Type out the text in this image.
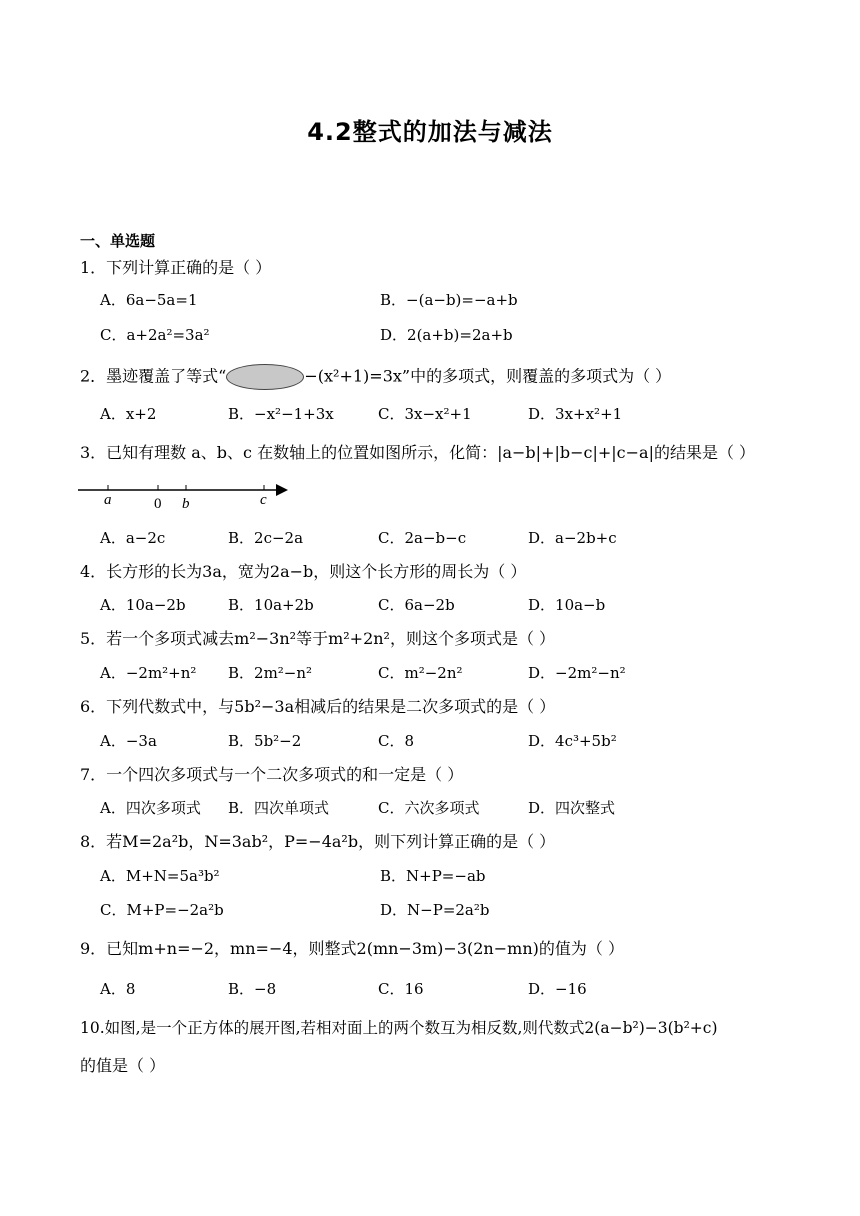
4.2整式的加法与减法
一、单选题
1．下列计算正确的是（ ）
A．6a−5a=1	B．−(a−b)=−a+b
C．a+2a²=3a²	D．2(a+b)=2a+b
2．墨迹覆盖了等式“	−(x²+1)=3x”中的多项式，则覆盖的多项式为（ ）
A．x+2	B．−x²−1+3x	C．3x−x²+1	D．3x+x²+1
3．已知有理数 a、b、c 在数轴上的位置如图所示，化简：|a−b|+|b−c|+|c−a|的结果是（ ）
a	0 b	c
A．a−2c	B．2c−2a	C．2a−b−c	D．a−2b+c
4．长方形的长为3a，宽为2a−b，则这个长方形的周长为（ ）
A．10a−2b	B．10a+2b	C．6a−2b	D．10a−b
5．若一个多项式减去m²−3n²等于m²+2n²，则这个多项式是（ ）
A．−2m²+n² B．2m²−n²	C．m²−2n²	D．−2m²−n²
6．下列代数式中，与5b²−3a相减后的结果是二次多项式的是（ ）
A．−3a	B．5b²−2	C．8	D．4c³+5b²
7．一个四次多项式与一个二次多项式的和一定是（ ）
A．四次多项式 B．四次单项式	C．六次多项式	D．四次整式
8．若M=2a²b，N=3ab²，P=−4a²b，则下列计算正确的是（ ）
A．M+N=5a³b²	B．N+P=−ab
C．M+P=−2a²b	D．N−P=2a²b
9．已知m+n=−2，mn=−4，则整式2(mn−3m)−3(2n−mn)的值为（ ）
A．8	B．−8	C．16	D．−16
10.如图,是一个正方体的展开图,若相对面上的两个数互为相反数,则代数式2(a−b²)−3(b²+c)
的值是（ ）
